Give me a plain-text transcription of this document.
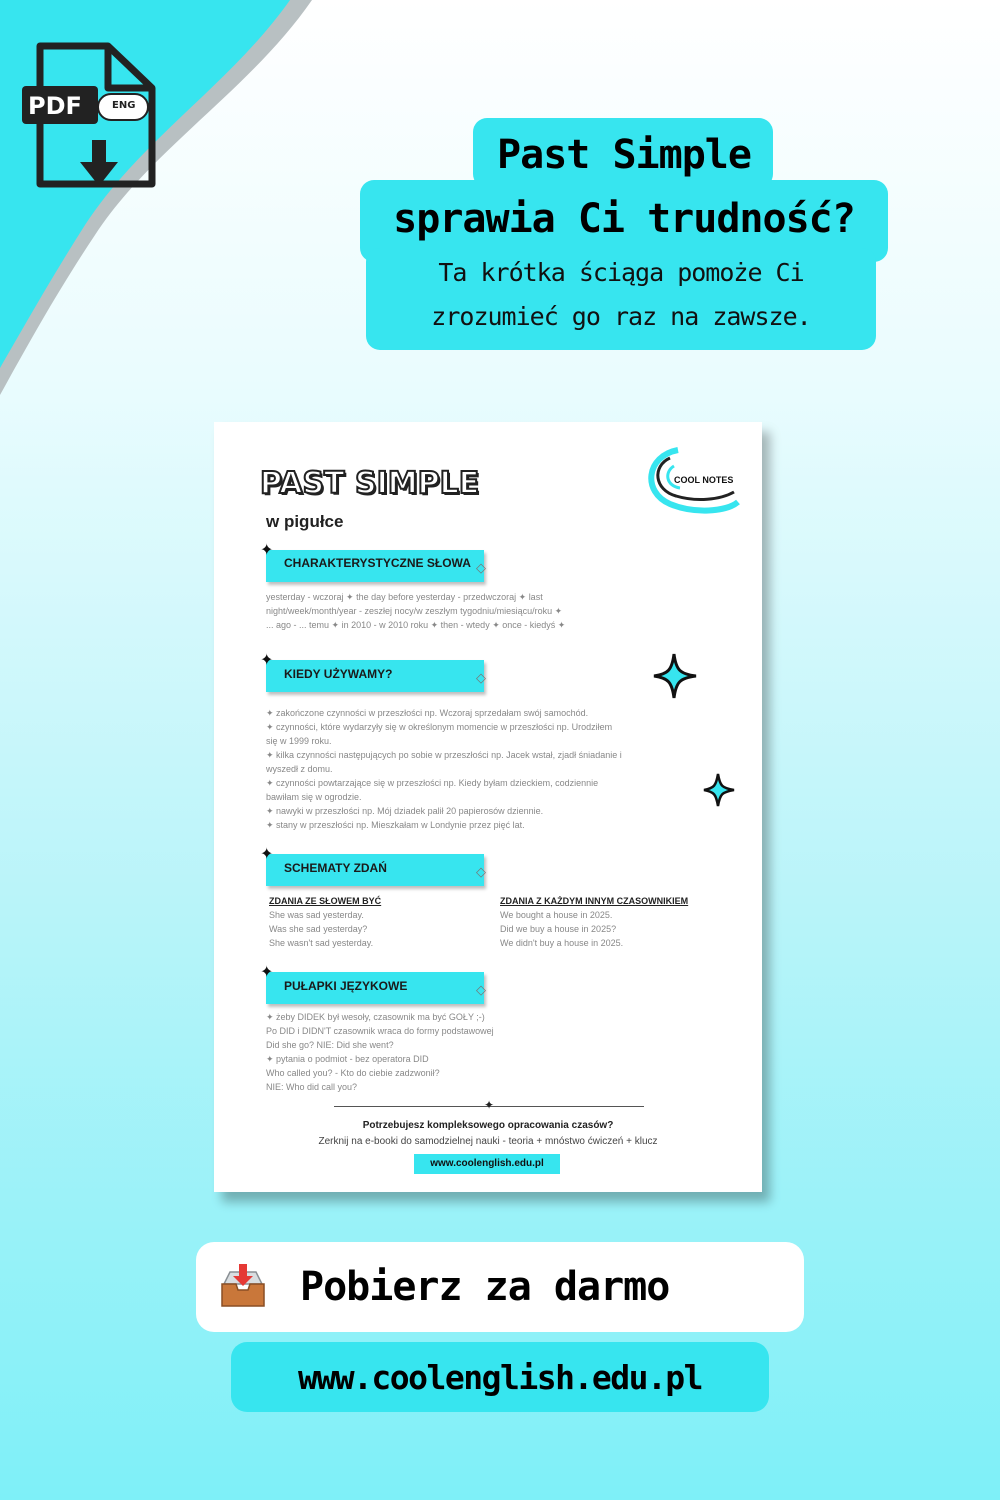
PDF	ENG
Past Simple
sprawia Ci trudność?
Ta krótka ściąga pomoże Ci
zrozumieć go raz na zawsze.
PAST SIMPLE
w pigułce
COOL NOTES
✦
◇
CHARAKTERYSTYCZNE SŁOWA
yesterday - wczoraj ✦ the day before yesterday - przedwczoraj ✦ last
night/week/month/year - zeszłej nocy/w zeszłym tygodniu/miesiącu/roku ✦
... ago - ... temu ✦ in 2010 - w 2010 roku ✦ then - wtedy ✦ once - kiedyś ✦
✦
◇
KIEDY UŻYWAMY?
✦ zakończone czynności w przeszłości np. Wczoraj sprzedałam swój samochód.
✦ czynności, które wydarzyły się w określonym momencie w przeszłości np. Urodziłem
się w 1999 roku.
✦ kilka czynności następujących po sobie w przeszłości np. Jacek wstał, zjadł śniadanie i
wyszedł z domu.
✦ czynności powtarzające się w przeszłości np. Kiedy byłam dzieckiem, codziennie
bawiłam się w ogrodzie.
✦ nawyki w przeszłości np. Mój dziadek palił 20 papierosów dziennie.
✦ stany w przeszłości np. Mieszkałam w Londynie przez pięć lat.
✦
◇
SCHEMATY ZDAŃ
ZDANIA ZE SŁOWEM BYĆ
She was sad yesterday.
Was she sad yesterday?
She wasn't sad yesterday.
ZDANIA Z KAŻDYM INNYM CZASOWNIKIEM
We bought a house in 2025.
Did we buy a house in 2025?
We didn't buy a house in 2025.
✦
◇
PUŁAPKI JĘZYKOWE
✦ żeby DIDEK był wesoły, czasownik ma być GOŁY ;-)
Po DID i DIDN'T czasownik wraca do formy podstawowej
Did she go? NIE: Did she went?
✦ pytania o podmiot - bez operatora DID
Who called you? - Kto do ciebie zadzwonił?
NIE: Who did call you?
✦
Potrzebujesz kompleksowego opracowania czasów?
Zerknij na e-booki do samodzielnej nauki - teoria + mnóstwo ćwiczeń + klucz
www.coolenglish.edu.pl
Pobierz za darmo
www.coolenglish.edu.pl
